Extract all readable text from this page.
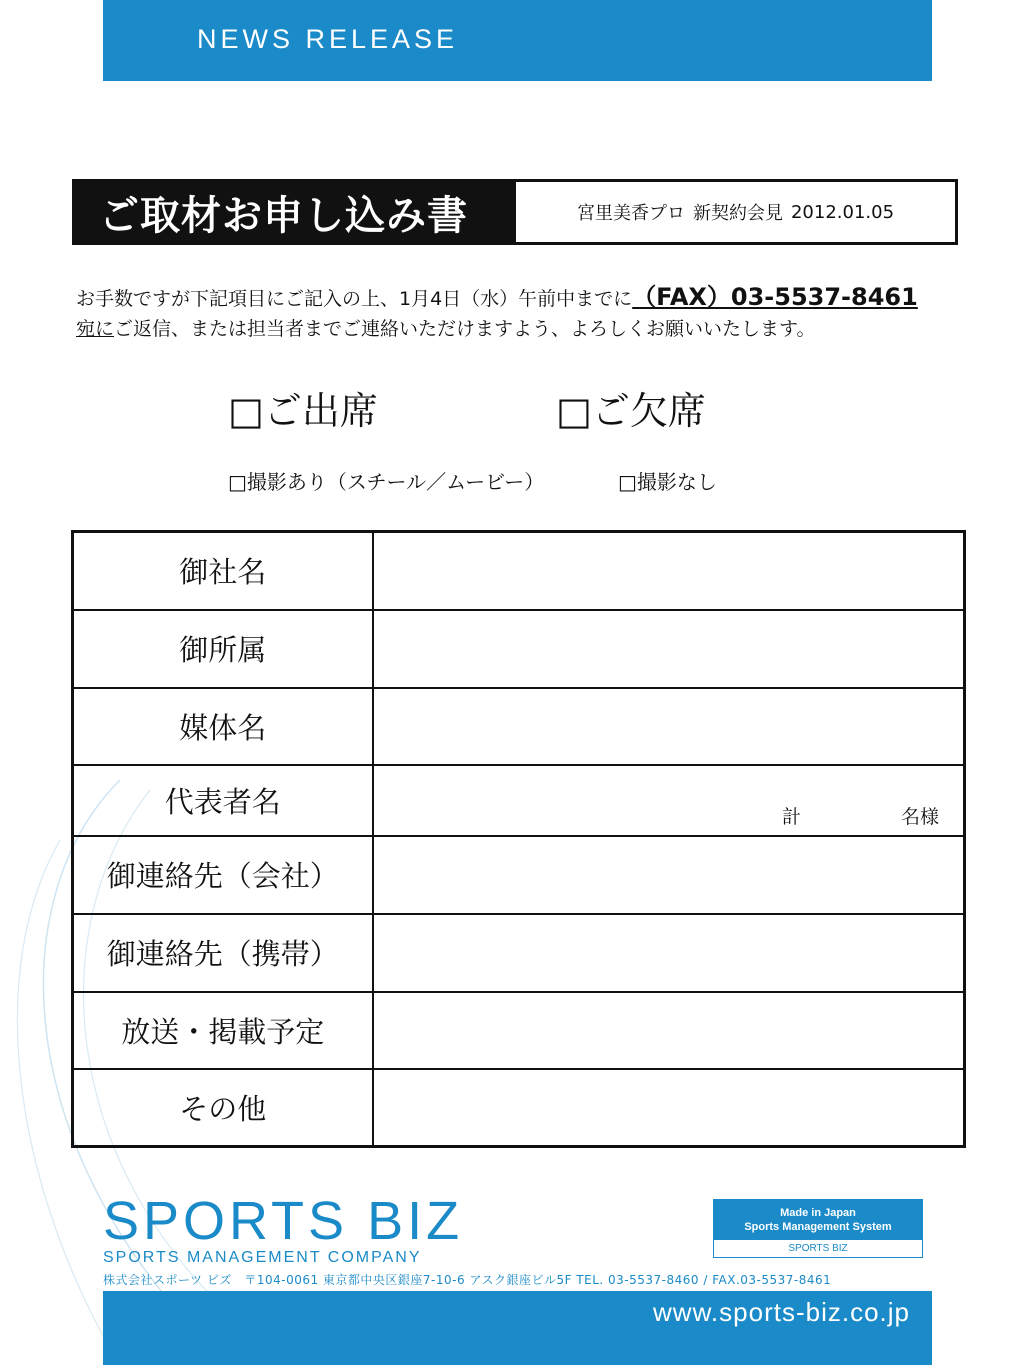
NEWS RELEASE
ご取材お申し込み書	宮里美香プロ 新契約会見 2012.01.05
お手数ですが下記項目にご記入の上、1月4日（水）午前中までに（FAX）03-5537-8461
宛にご返信、または担当者までご連絡いただけますよう、よろしくお願いいたします。
□ご出席	□ご欠席
□撮影あり（スチール／ムービー）	□撮影なし
御社名	
御所属	
媒体名	
代表者名	計 名様

御連絡先（会社）	
御連絡先（携帯）	
放送・掲載予定	
その他	
SPORTS BIZ
SPORTS MANAGEMENT COMPANY
Made in Japan
Sports Management System
SPORTS BIZ
株式会社スポーツ ビズ　〒104-0061 東京都中央区銀座7-10-6 アスク銀座ビル5F TEL. 03-5537-8460 / FAX.03-5537-8461
www.sports-biz.co.jp
